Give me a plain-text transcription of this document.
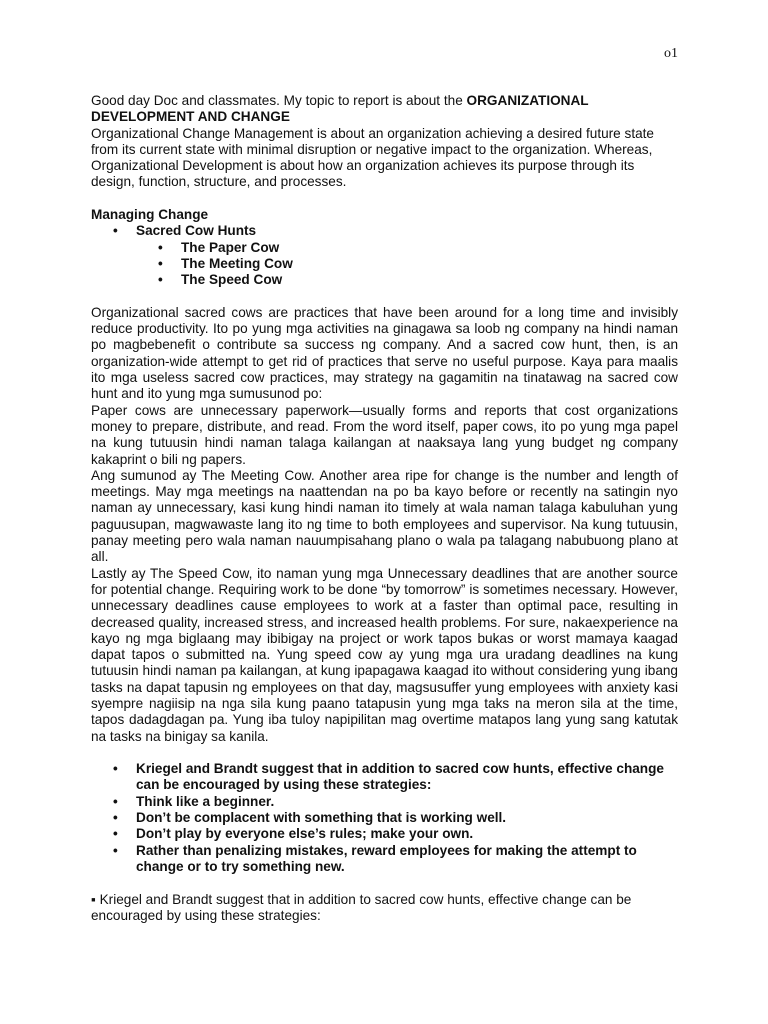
o1

Good day Doc and classmates. My topic to report is about the ORGANIZATIONAL DEVELOPMENT AND CHANGE

Organizational Change Management is about an organization achieving a desired future state from its current state with minimal disruption or negative impact to the organization. Whereas, Organizational Development is about how an organization achieves its purpose through its design, function, structure, and processes.

Managing Change

• Sacred Cow Hunts
• The Paper Cow
• The Meeting Cow
• The Speed Cow

Organizational sacred cows are practices that have been around for a long time and invisibly reduce productivity. Ito po yung mga activities na ginagawa sa loob ng company na hindi naman po magbebenefit o contribute sa success ng company. And a sacred cow hunt, then, is an organization-wide attempt to get rid of practices that serve no useful purpose. Kaya para maalis ito mga useless sacred cow practices, may strategy na gagamitin na tinatawag na sacred cow hunt and ito yung mga sumusunod po:

Paper cows are unnecessary paperwork—usually forms and reports that cost organizations money to prepare, distribute, and read. From the word itself, paper cows, ito po yung mga papel na kung tutuusin hindi naman talaga kailangan at naaksaya lang yung budget ng company kakaprint o bili ng papers.

Ang sumunod ay The Meeting Cow. Another area ripe for change is the number and length of meetings. May mga meetings na naattendan na po ba kayo before or recently na satingin nyo naman ay unnecessary, kasi kung hindi naman ito timely at wala naman talaga kabuluhan yung paguusupan, magwawaste lang ito ng time to both employees and supervisor. Na kung tutuusin, panay meeting pero wala naman nauumpisahang plano o wala pa talagang nabubuong plano at all.

Lastly ay The Speed Cow, ito naman yung mga Unnecessary deadlines that are another source for potential change. Requiring work to be done “by tomorrow” is sometimes necessary. However, unnecessary deadlines cause employees to work at a faster than optimal pace, resulting in decreased quality, increased stress, and increased health problems. For sure, nakaexperience na kayo ng mga biglaang may ibibigay na project or work tapos bukas or worst mamaya kaagad dapat tapos o submitted na. Yung speed cow ay yung mga ura uradang deadlines na kung tutuusin hindi naman pa kailangan, at kung ipapagawa kaagad ito without considering yung ibang tasks na dapat tapusin ng employees on that day, magsusuffer yung employees with anxiety kasi syempre nagiisip na nga sila kung paano tatapusin yung mga taks na meron sila at the time, tapos dadagdagan pa. Yung iba tuloy napipilitan mag overtime matapos lang yung sang katutak na tasks na binigay sa kanila.

• Kriegel and Brandt suggest that in addition to sacred cow hunts, effective change can be encouraged by using these strategies:
• Think like a beginner.
• Don’t be complacent with something that is working well.
• Don’t play by everyone else’s rules; make your own.
• Rather than penalizing mistakes, reward employees for making the attempt to change or to try something new.

▪ Kriegel and Brandt suggest that in addition to sacred cow hunts, effective change can be encouraged by using these strategies:
